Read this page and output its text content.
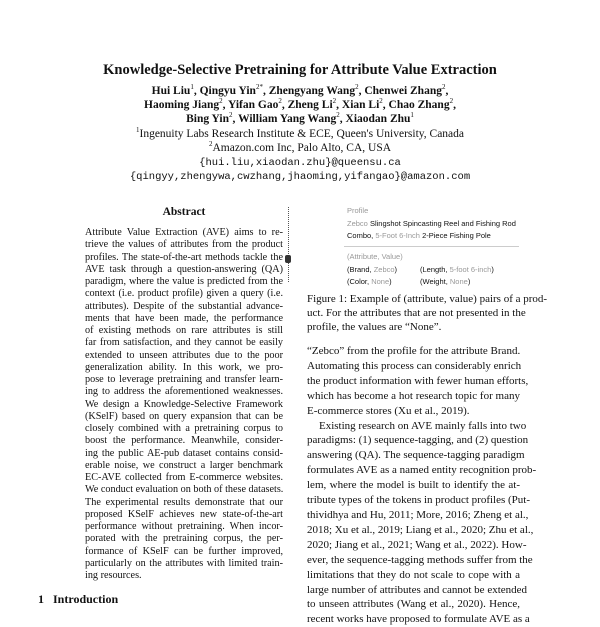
Knowledge-Selective Pretraining for Attribute Value Extraction
Hui Liu$^1$, Qingyu Yin$^{2*}$, Zhengyang Wang$^2$, Chenwei Zhang$^2$,
Haoming Jiang$^2$, Yifan Gao$^2$, Zheng Li$^2$, Xian Li$^2$, Chao Zhang$^2$,
Bing Yin$^2$, William Yang Wang$^2$, Xiaodan Zhu$^1$
$^1$Ingenuity Labs Research Institute & ECE, Queen's University, Canada
$^2$Amazon.com Inc, Palo Alto, CA, USA
{hui.liu,xiaodan.zhu}@queensu.ca
{qingyy,zhengywa,cwzhang,jhaoming,yifangao}@amazon.com
Abstract
Attribute Value Extraction (AVE) aims to re-
trieve the values of attributes from the product
profiles. The state-of-the-art methods tackle the
AVE task through a question-answering (QA)
paradigm, where the value is predicted from the
context (i.e. product profile) given a query (i.e.
attributes). Despite of the substantial advance-
ments that have been made, the performance
of existing methods on rare attributes is still
far from satisfaction, and they cannot be easily
extended to unseen attributes due to the poor
generalization ability. In this work, we pro-
pose to leverage pretraining and transfer learn-
ing to address the aforementioned weaknesses.
We design a Knowledge-Selective Framework
(KSelF) based on query expansion that can be
closely combined with a pretraining corpus to
boost the performance. Meanwhile, consider-
ing the public AE-pub dataset contains consid-
erable noise, we construct a larger benchmark
EC-AVE collected from E-commerce websites.
We conduct evaluation on both of these datasets.
The experimental results demonstrate that our
proposed KSelF achieves new state-of-the-art
performance without pretraining. When incor-
porated with the pretraining corpus, the per-
formance of KSelF can be further improved,
particularly on the attributes with limited train-
ing resources.
Profile
Zebco Slingshot Spincasting Reel and Fishing Rod
Combo, 5-Foot 6-Inch 2-Piece Fishing Pole
(Attribute, Value)
(Brand, Zebco)	(Length, 5-foot 6-inch)
(Color, None)	(Weight, None)
Figure 1: Example of (attribute, value) pairs of a prod-
uct. For the attributes that are not presented in the
profile, the values are “None”.
“Zebco” from the profile for the attribute Brand.
Automating this process can considerably enrich
the product information with fewer human efforts,
which has become a hot research topic for many
E-commerce stores (Xu et al., 2019).
Existing research on AVE mainly falls into two
paradigms: (1) sequence-tagging, and (2) question
answering (QA). The sequence-tagging paradigm
formulates AVE as a named entity recognition prob-
lem, where the model is built to identify the at-
tribute types of the tokens in product profiles (Put-
thividhya and Hu, 2011; More, 2016; Zheng et al.,
2018; Xu et al., 2019; Liang et al., 2020; Zhu et al.,
2020; Jiang et al., 2021; Wang et al., 2022). How-
ever, the sequence-tagging methods suffer from the
limitations that they do not scale to cope with a
large number of attributes and cannot be extended
to unseen attributes (Wang et al., 2020). Hence,
recent works have proposed to formulate AVE as a
1 Introduction
